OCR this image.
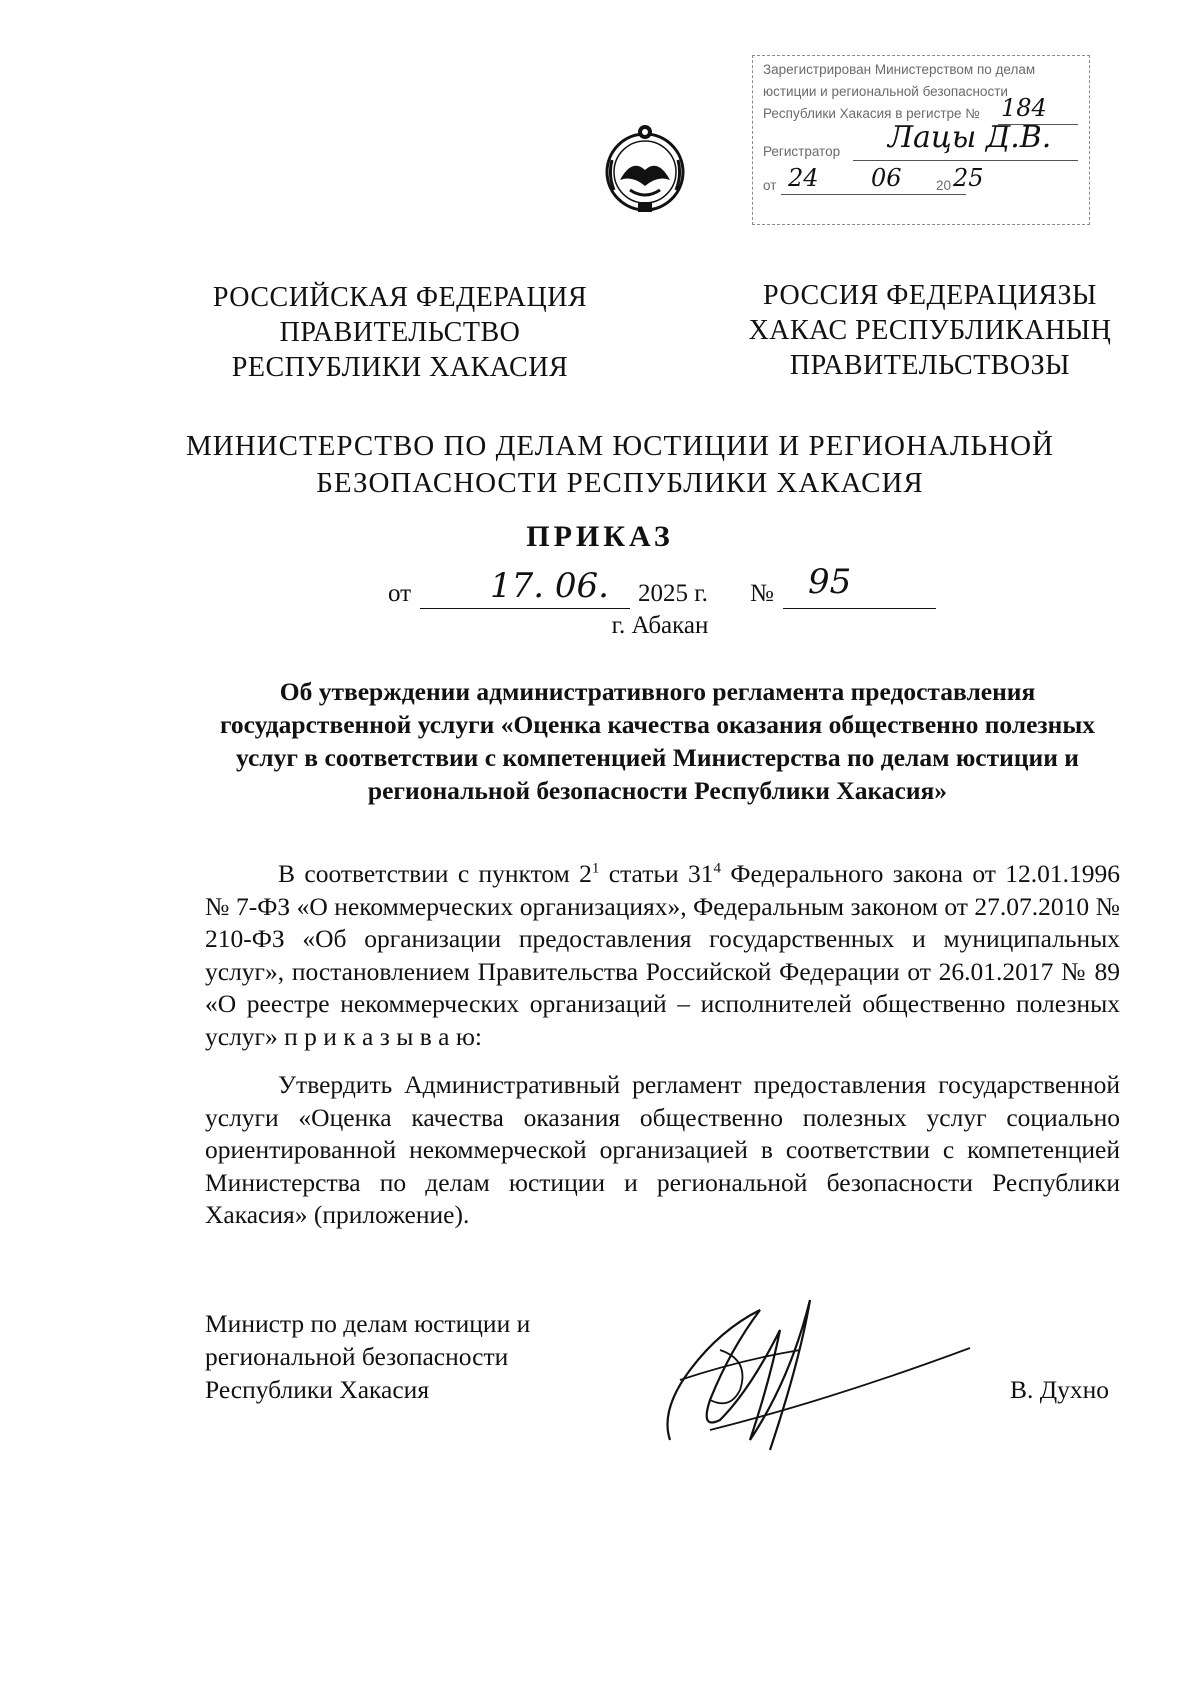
Зарегистрирован Министерством по делам
юстиции и региональной безопасности
Республики Хакасия в регистре № 184
Регистратор Лацы Д.В.
от 24 06	20 25
РОССИЙСКАЯ ФЕДЕРАЦИЯ
ПРАВИТЕЛЬСТВО
РЕСПУБЛИКИ ХАКАСИЯ
РОССИЯ ФЕДЕРАЦИЯЗЫ
ХАКАС РЕСПУБЛИКАНЫҢ
ПРАВИТЕЛЬСТВОЗЫ
МИНИСТЕРСТВО ПО ДЕЛАМ ЮСТИЦИИ И РЕГИОНАЛЬНОЙ
БЕЗОПАСНОСТИ РЕСПУБЛИКИ ХАКАСИЯ
ПРИКАЗ
от 17. 06. 2025 г. № 95
г. Абакан
Об утверждении административного регламента предоставления государственной услуги «Оценка качества оказания общественно полезных услуг в соответствии с компетенцией Министерства по делам юстиции и региональной безопасности Республики Хакасия»
В соответствии с пунктом $2^1$ статьи $31^4$ Федерального закона от 12.01.1996 № 7-ФЗ «О некоммерческих организациях», Федеральным законом от 27.07.2010 № 210-ФЗ «Об организации предоставления государственных и муниципальных услуг», постановлением Правительства Российской Федерации от 26.01.2017 № 89 «О реестре некоммерческих организаций – исполнителей общественно полезных услуг» п р и к а з ы в а ю:
Утвердить Административный регламент предоставления государственной услуги «Оценка качества оказания общественно полезных услуг социально ориентированной некоммерческой организацией в соответствии с компетенцией Министерства по делам юстиции и региональной безопасности Республики Хакасия» (приложение).
Министр по делам юстиции и
региональной безопасности
Республики Хакасия	В. Духно
